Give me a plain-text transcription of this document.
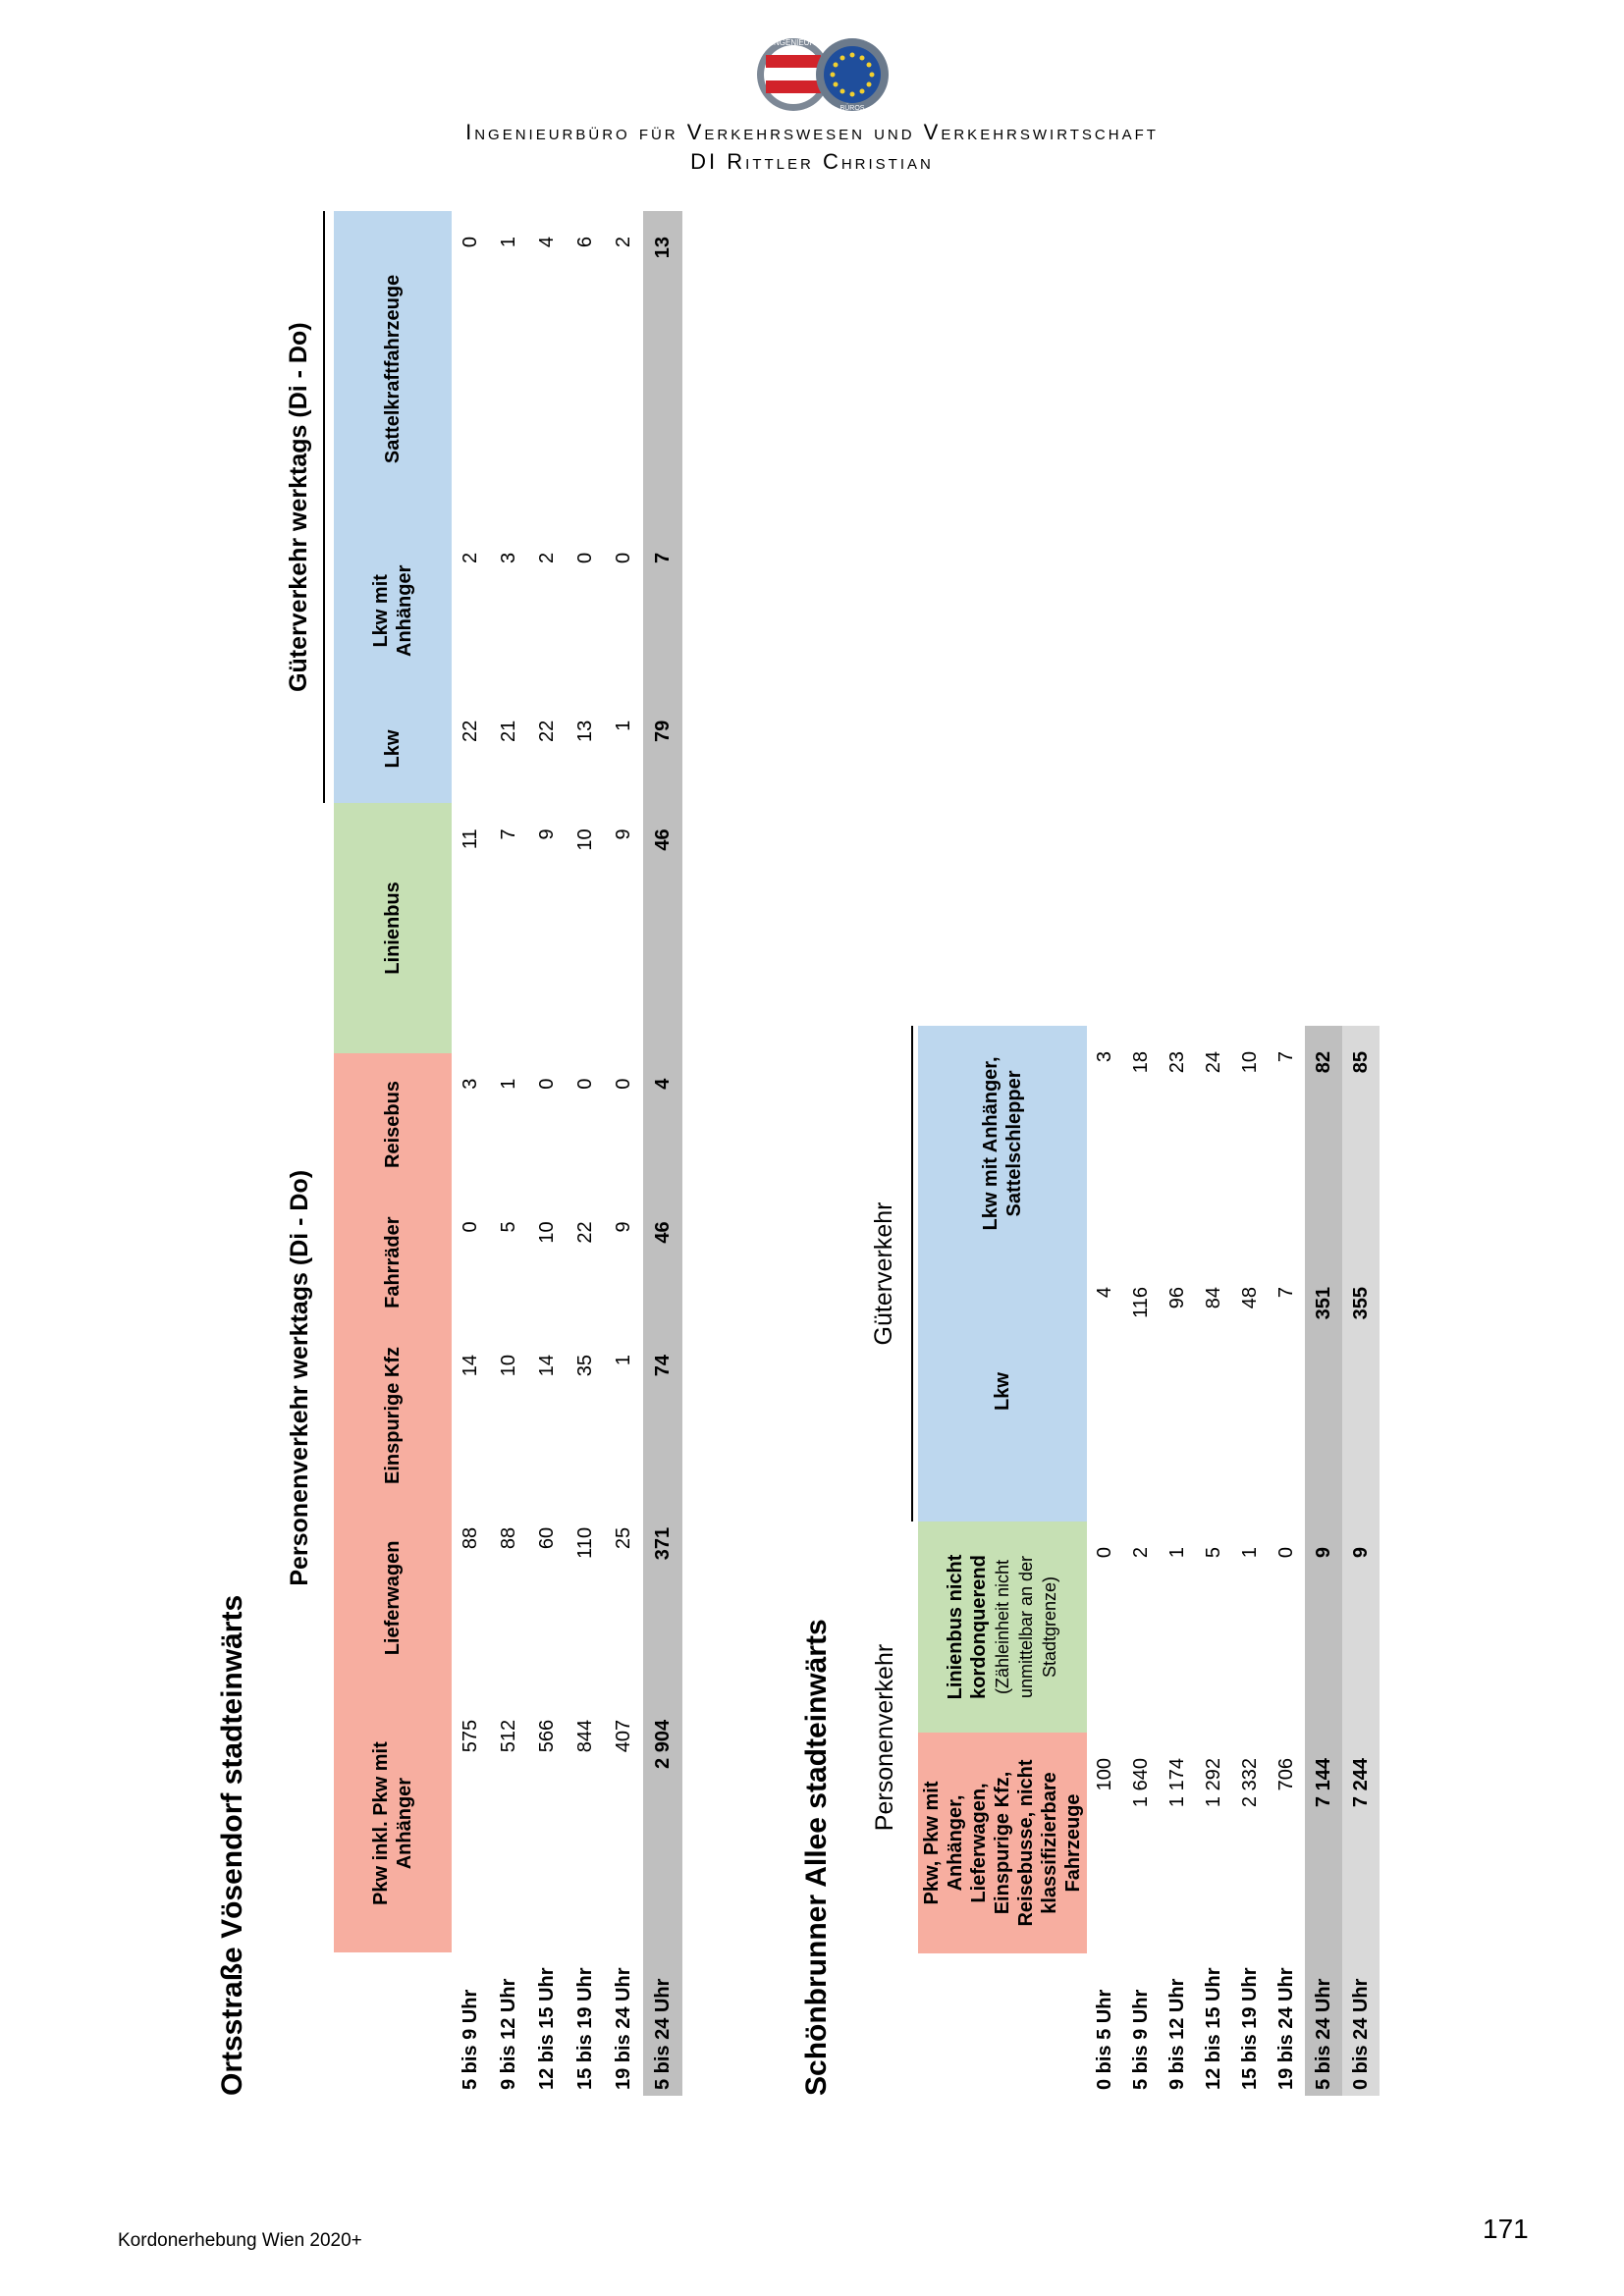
INGENIEUR
BÜROS
Ingenieurbüro für Verkehrswesen und Verkehrswirtschaft
DI Rittler Christian
Ortsstraße Vösendorf stadteinwärts									
	Personenverkehr werktags (Di - Do)						Güterverkehr werktags (Di - Do)		

	Pkw inkl. Pkw mit Anhänger	Lieferwagen	Einspurige Kfz	Fahrräder	Reisebus	Linienbus	Lkw	Lkw mit Anhänger	Sattelkraftfahrzeuge
5 bis 9 Uhr	575	88	14	0	3	11	22	2	0
9 bis 12 Uhr	512	88	10	5	1	7	21	3	1
12 bis 15 Uhr	566	60	14	10	0	9	22	2	4
15 bis 19 Uhr	844	110	35	22	0	10	13	0	6
19 bis 24 Uhr	407	25	1	9	0	9	1	0	2
5 bis 24 Uhr	2 904	371	74	46	4	46	79	7	13
Schönbrunner Allee stadteinwärts				
	Personenverkehr		Güterverkehr	

	Pkw, Pkw mit Anhänger, Lieferwagen, Einspurige Kfz, Reisebusse, nicht klassifizierbare Fahrzeuge	Linienbus nicht kordonquerend (Zähleinheit nicht unmittelbar an der Stadtgrenze)	Lkw	Lkw mit Anhänger, Sattelschlepper
0 bis 5 Uhr	100	0	4	3
5 bis 9 Uhr	1 640	2	116	18
9 bis 12 Uhr	1 174	1	96	23
12 bis 15 Uhr	1 292	5	84	24
15 bis 19 Uhr	2 332	1	48	10
19 bis 24 Uhr	706	0	7	7
5 bis 24 Uhr	7 144	9	351	82
0 bis 24 Uhr	7 244	9	355	85
Kordonerhebung Wien 2020+	171
